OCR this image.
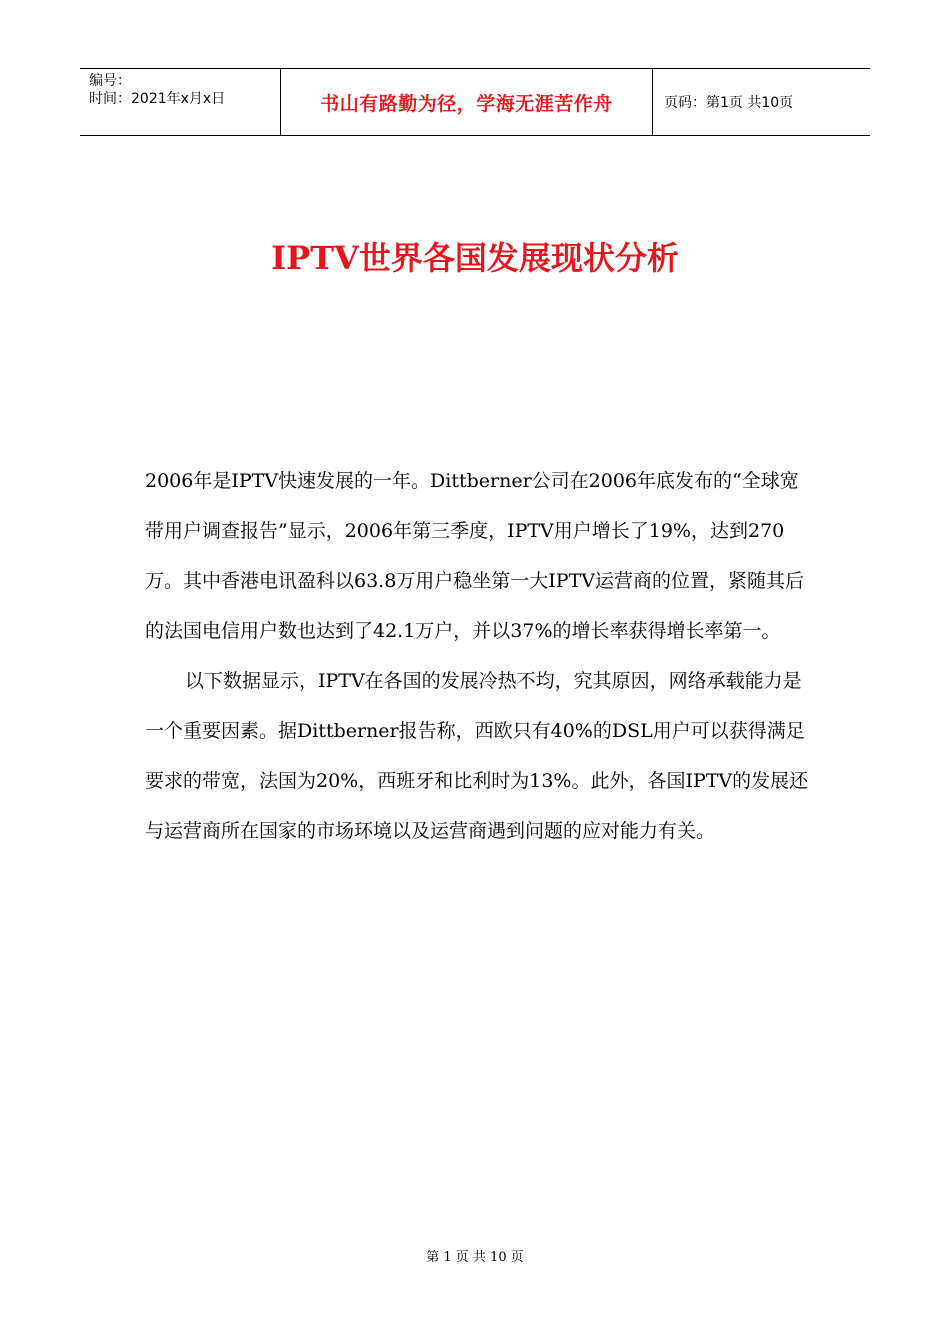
编号：
时间：2021年x月x日	书山有路勤为径，学海无涯苦作舟	页码：第1页 共10页
IPTV世界各国发展现状分析

2006年是IPTV快速发展的一年。Dittberner公司在2006年底发布的“全球宽带用户调查报告”显示，2006年第三季度，IPTV用户增长了19%，达到270万。其中香港电讯盈科以63.8万用户稳坐第一大IPTV运营商的位置，紧随其后的法国电信用户数也达到了42.1万户，并以37%的增长率获得增长率第一。

以下数据显示，IPTV在各国的发展冷热不均，究其原因，网络承载能力是一个重要因素。据Dittberner报告称，西欧只有40%的DSL用户可以获得满足要求的带宽，法国为20%，西班牙和比利时为13%。此外，各国IPTV的发展还与运营商所在国家的市场环境以及运营商遇到问题的应对能力有关。

第 1 页 共 10 页
